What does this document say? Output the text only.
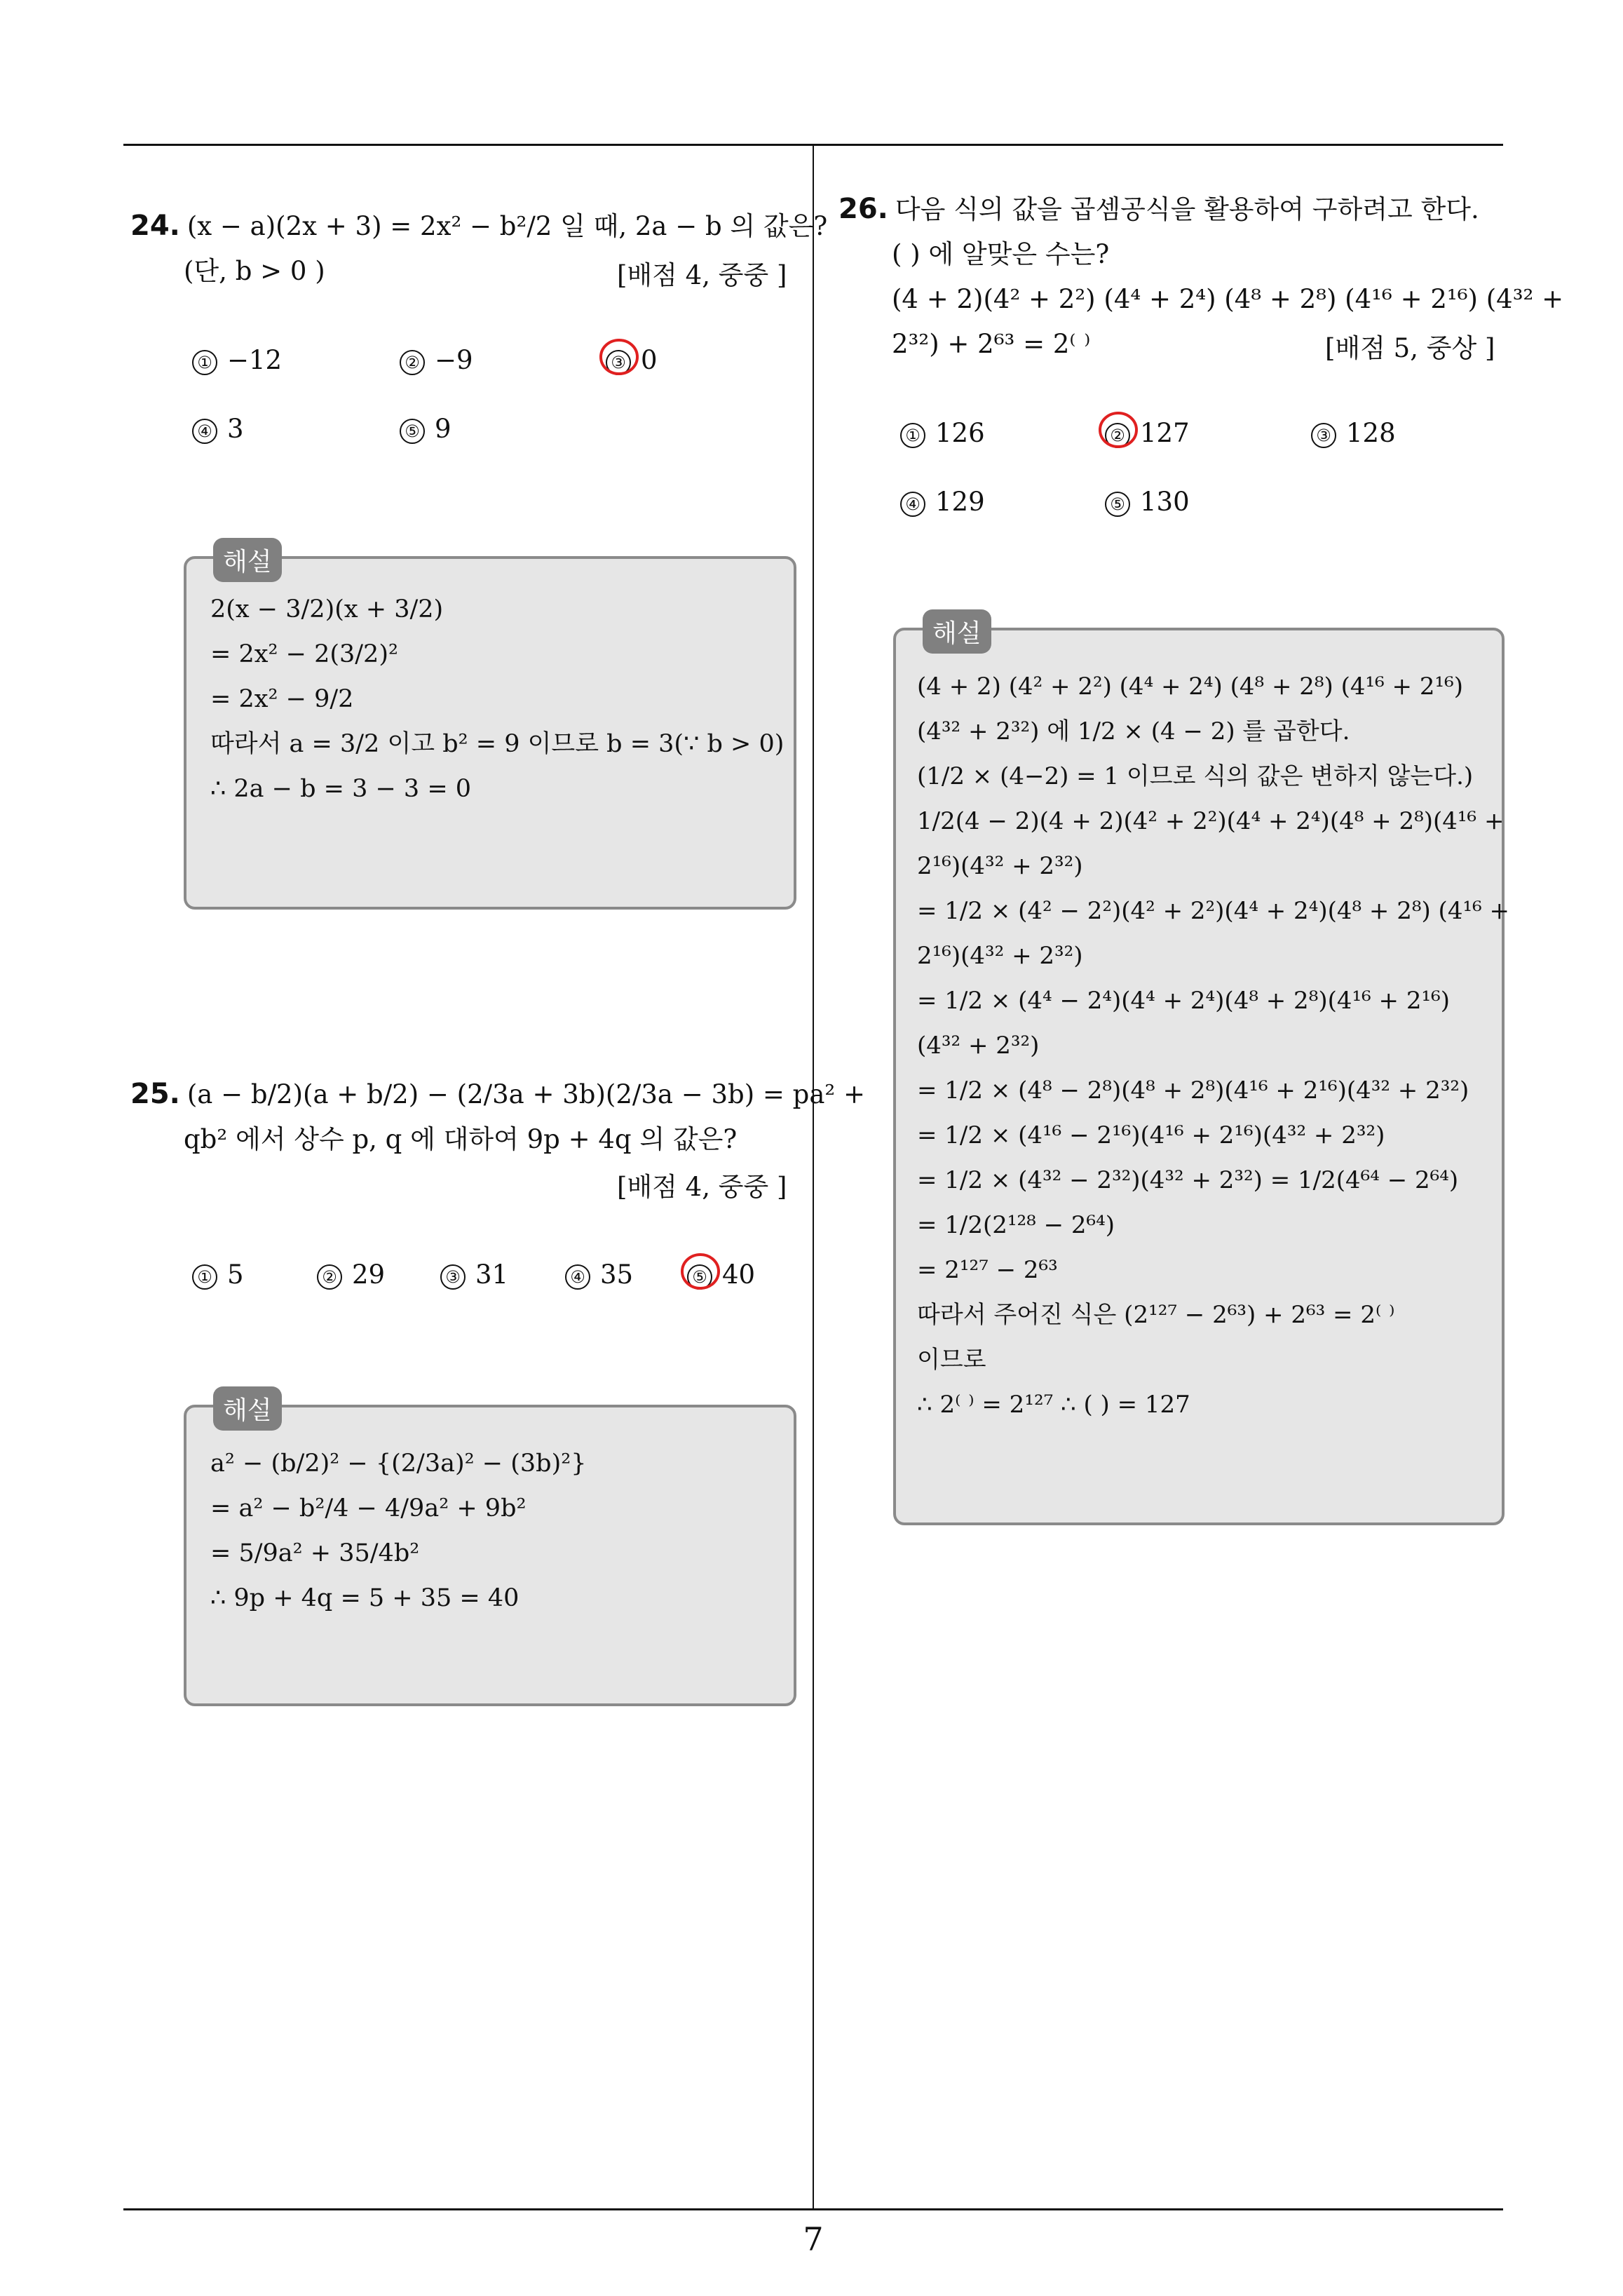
24. (x − a)(2x + 3) = 2x² − b²/2 일 때, 2a − b 의 값은?
(단, b > 0 )	[배점 4, 중중 ]
① −12	② −9	③ 0
④ 3	⑤ 9
해설
2(x − 3/2)(x + 3/2)
= 2x² − 2(3/2)²
= 2x² − 9/2
따라서 a = 3/2 이고 b² = 9 이므로 b = 3(∵ b > 0)
∴ 2a − b = 3 − 3 = 0
25. (a − b/2)(a + b/2) − (2/3a + 3b)(2/3a − 3b) = pa² +
qb² 에서 상수 p, q 에 대하여 9p + 4q 의 값은?
[배점 4, 중중 ]
① 5	② 29	③ 31	④ 35	⑤ 40
해설
a² − (b/2)² − {(2/3a)² − (3b)²}
= a² − b²/4 − 4/9a² + 9b²
= 5/9a² + 35/4b²
∴ 9p + 4q = 5 + 35 = 40
26. 다음 식의 값을 곱셈공식을 활용하여 구하려고 한다.
( ) 에 알맞은 수는?
(4 + 2)(4² + 2²) (4⁴ + 2⁴) (4⁸ + 2⁸) (4¹⁶ + 2¹⁶) (4³² +
2³²) + 2⁶³ = 2⁽ ⁾	[배점 5, 중상 ]
① 126	② 127	③ 128
④ 129	⑤ 130
해설
(4 + 2) (4² + 2²) (4⁴ + 2⁴) (4⁸ + 2⁸) (4¹⁶ + 2¹⁶)
(4³² + 2³²) 에 1/2 × (4 − 2) 를 곱한다.
(1/2 × (4−2) = 1 이므로 식의 값은 변하지 않는다.)
1/2(4 − 2)(4 + 2)(4² + 2²)(4⁴ + 2⁴)(4⁸ + 2⁸)(4¹⁶ +
2¹⁶)(4³² + 2³²)
= 1/2 × (4² − 2²)(4² + 2²)(4⁴ + 2⁴)(4⁸ + 2⁸) (4¹⁶ +
2¹⁶)(4³² + 2³²)
= 1/2 × (4⁴ − 2⁴)(4⁴ + 2⁴)(4⁸ + 2⁸)(4¹⁶ + 2¹⁶)
(4³² + 2³²)
= 1/2 × (4⁸ − 2⁸)(4⁸ + 2⁸)(4¹⁶ + 2¹⁶)(4³² + 2³²)
= 1/2 × (4¹⁶ − 2¹⁶)(4¹⁶ + 2¹⁶)(4³² + 2³²)
= 1/2 × (4³² − 2³²)(4³² + 2³²) = 1/2(4⁶⁴ − 2⁶⁴)
= 1/2(2¹²⁸ − 2⁶⁴)
= 2¹²⁷ − 2⁶³
따라서 주어진 식은 (2¹²⁷ − 2⁶³) + 2⁶³ = 2⁽ ⁾
이므로
∴ 2⁽ ⁾ = 2¹²⁷ ∴ ( ) = 127
7
